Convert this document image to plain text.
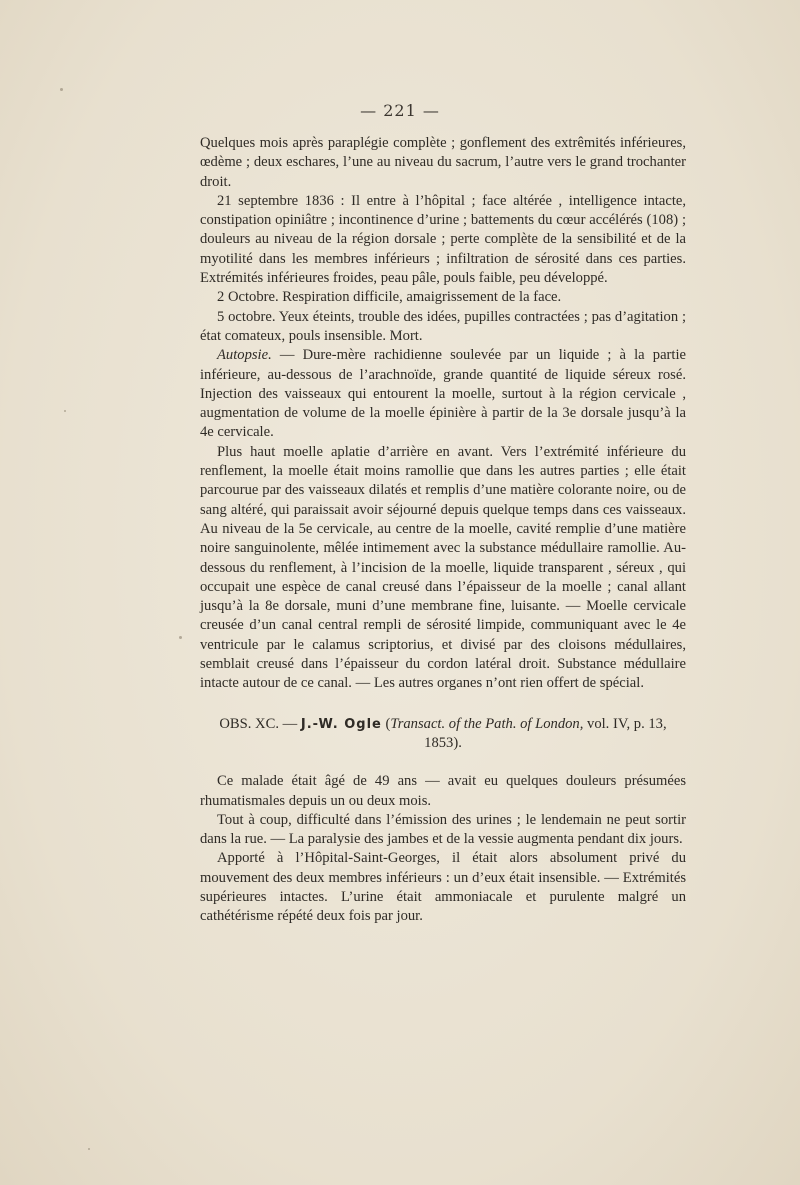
— 221 —

Quelques mois après paraplégie complète ; gonflement des extrêmités inférieures, œdème ; deux eschares, l’une au niveau du sacrum, l’autre vers le grand trochanter droit.

21 septembre 1836 : Il entre à l’hôpital ; face altérée , intelligence intacte, constipation opiniâtre ; incontinence d’urine ; battements du cœur accélérés (108) ; douleurs au niveau de la région dorsale ; perte complète de la sensibilité et de la myotilité dans les membres inférieurs ; infiltration de sérosité dans ces parties. Extrémités inférieures froides, peau pâle, pouls faible, peu développé.

2 Octobre. Respiration difficile, amaigrissement de la face.

5 octobre. Yeux éteints, trouble des idées, pupilles contractées ; pas d’agitation ; état comateux, pouls insensible. Mort.

Autopsie. — Dure-mère rachidienne soulevée par un liquide ; à la partie inférieure, au-dessous de l’arachnoïde, grande quantité de liquide séreux rosé. Injection des vaisseaux qui entourent la moelle, surtout à la région cervicale , augmentation de volume de la moelle épinière à partir de la 3e dorsale jusqu’à la 4e cervicale.

Plus haut moelle aplatie d’arrière en avant. Vers l’extrémité inférieure du renflement, la moelle était moins ramollie que dans les autres parties ; elle était parcourue par des vaisseaux dilatés et remplis d’une matière colorante noire, ou de sang altéré, qui paraissait avoir séjourné depuis quelque temps dans ces vaisseaux. Au niveau de la 5e cervicale, au centre de la moelle, cavité remplie d’une matière noire sanguinolente, mêlée intimement avec la substance médullaire ramollie. Au-dessous du renflement, à l’incision de la moelle, liquide transparent , séreux , qui occupait une espèce de canal creusé dans l’épaisseur de la moelle ; canal allant jusqu’à la 8e dorsale, muni d’une membrane fine, luisante. — Moelle cervicale creusée d’un canal central rempli de sérosité limpide, communiquant avec le 4e ventricule par le calamus scriptorius, et divisé par des cloisons médullaires, semblait creusé dans l’épaisseur du cordon latéral droit. Substance médullaire intacte autour de ce canal. — Les autres organes n’ont rien offert de spécial.

OBS. XC. — J.-W. Ogle (Transact. of the Path. of London, vol. IV, p. 13, 1853).

Ce malade était âgé de 49 ans — avait eu quelques douleurs présumées rhumatismales depuis un ou deux mois.

Tout à coup, difficulté dans l’émission des urines ; le lendemain ne peut sortir dans la rue. — La paralysie des jambes et de la vessie augmenta pendant dix jours.

Apporté à l’Hôpital-Saint-Georges, il était alors absolument privé du mouvement des deux membres inférieurs : un d’eux était insensible. — Extrémités supérieures intactes. L’urine était ammoniacale et purulente malgré un cathétérisme répété deux fois par jour.
